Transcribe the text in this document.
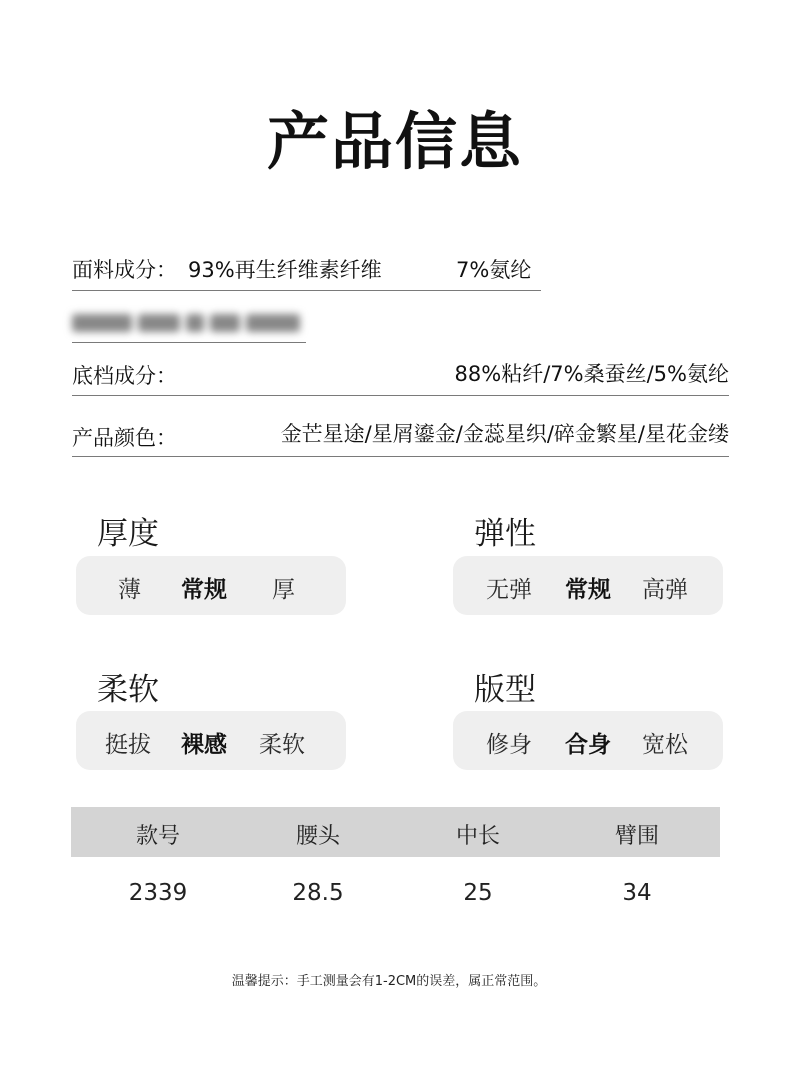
产品信息
面料成分： 93%再生纤维素纤维	7%氨纶
底档成分：	88%粘纤/7%桑蚕丝/5%氨纶
产品颜色：	金芒星途/星屑鎏金/金蕊星织/碎金繁星/星花金缕
厚度
薄 常规 厚
弹性
无弹 常规 高弹
柔软
挺拔 裸感 柔软
版型
修身 合身 宽松
款号	腰头	中长	臂围
2339	28.5	25	34
温馨提示：手工测量会有1-2CM的误差，属正常范围。
